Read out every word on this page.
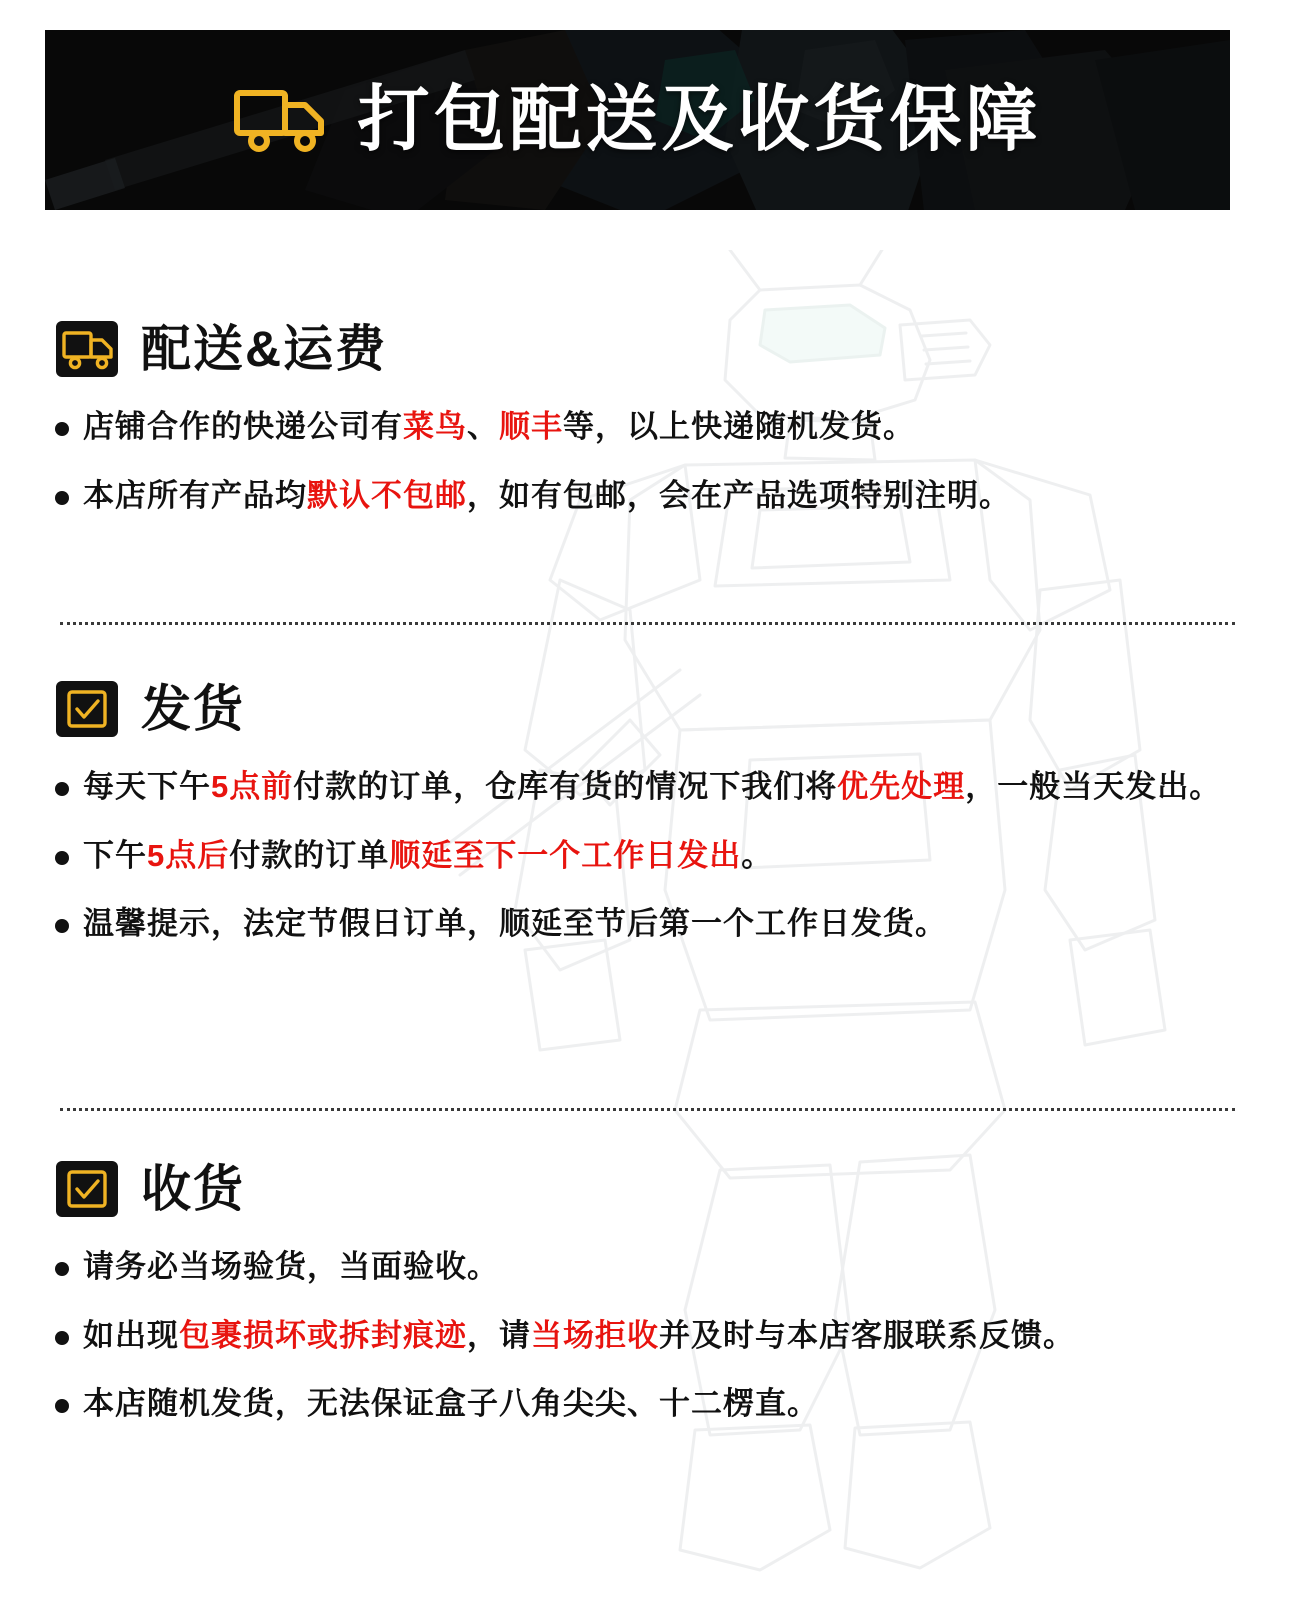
打包配送及收货保障
配送&运费
店铺合作的快递公司有菜鸟、顺丰等，以上快递随机发货。
本店所有产品均默认不包邮，如有包邮，会在产品选项特别注明。
发货
每天下午5点前付款的订单，仓库有货的情况下我们将优先处理，一般当天发出。
下午5点后付款的订单顺延至下一个工作日发出。
温馨提示，法定节假日订单，顺延至节后第一个工作日发货。
收货
请务必当场验货，当面验收。
如出现包裹损坏或拆封痕迹，请当场拒收并及时与本店客服联系反馈。
本店随机发货，无法保证盒子八角尖尖、十二楞直。
